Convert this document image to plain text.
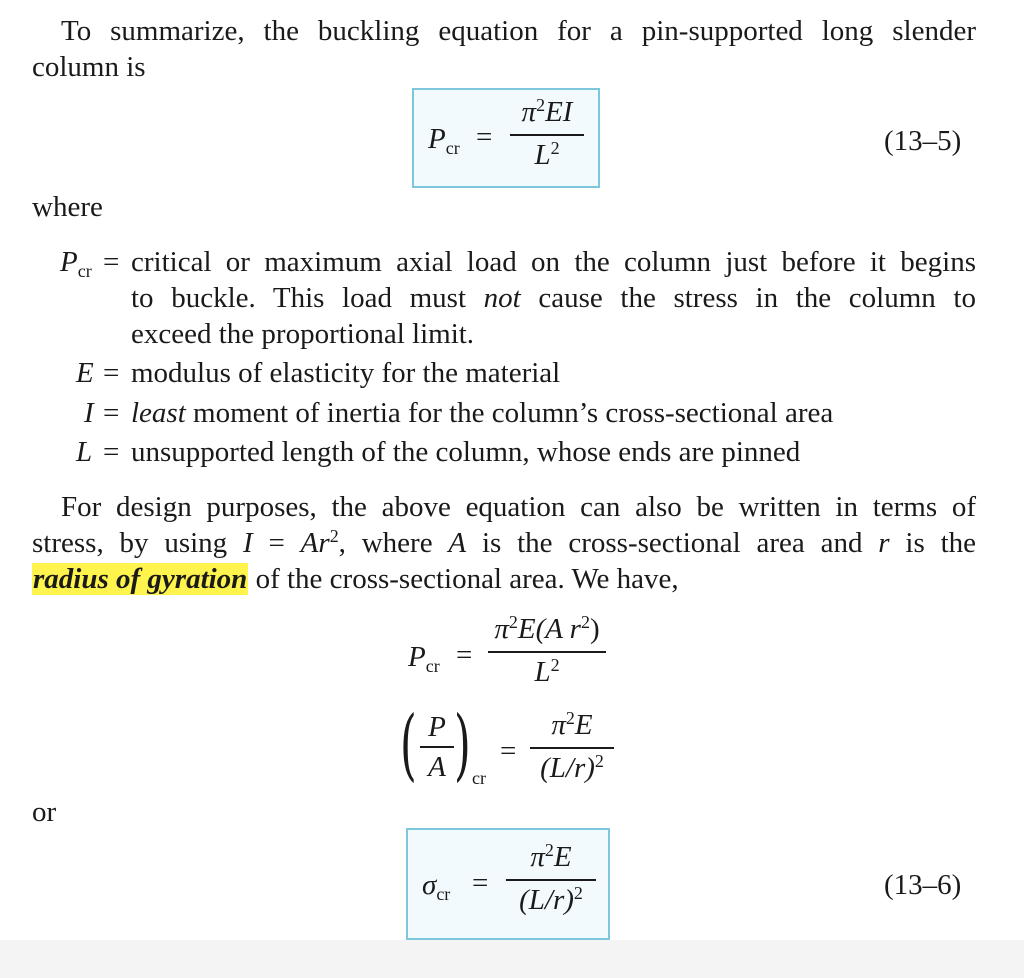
To summarize, the buckling equation for a pin-supported long slender
column is
$P_{cr}$ =
$\pi^2EI$
$L^2$	(13–5)
where
$P_{cr}$ = critical or maximum axial load on the column just before it begins
to buckle. This load must not cause the stress in the column to
exceed the proportional limit.
E = modulus of elasticity for the material
I = least moment of inertia for the column’s cross-sectional area
L = unsupported length of the column, whose ends are pinned
For design purposes, the above equation can also be written in terms of
stress, by using $I = Ar^2$, where A is the cross-sectional area and r is the
radius of gyration of the cross-sectional area. We have,
$P_{cr}$ =
$\pi^2E(A$ $r^2$)
$L^2$
( P
A ) cr
=
$\pi^2E$
$(L/r)^2$
or
$\sigma_{cr}$ =
$\pi^2E$
$(L/r)^2$	(13–6)
